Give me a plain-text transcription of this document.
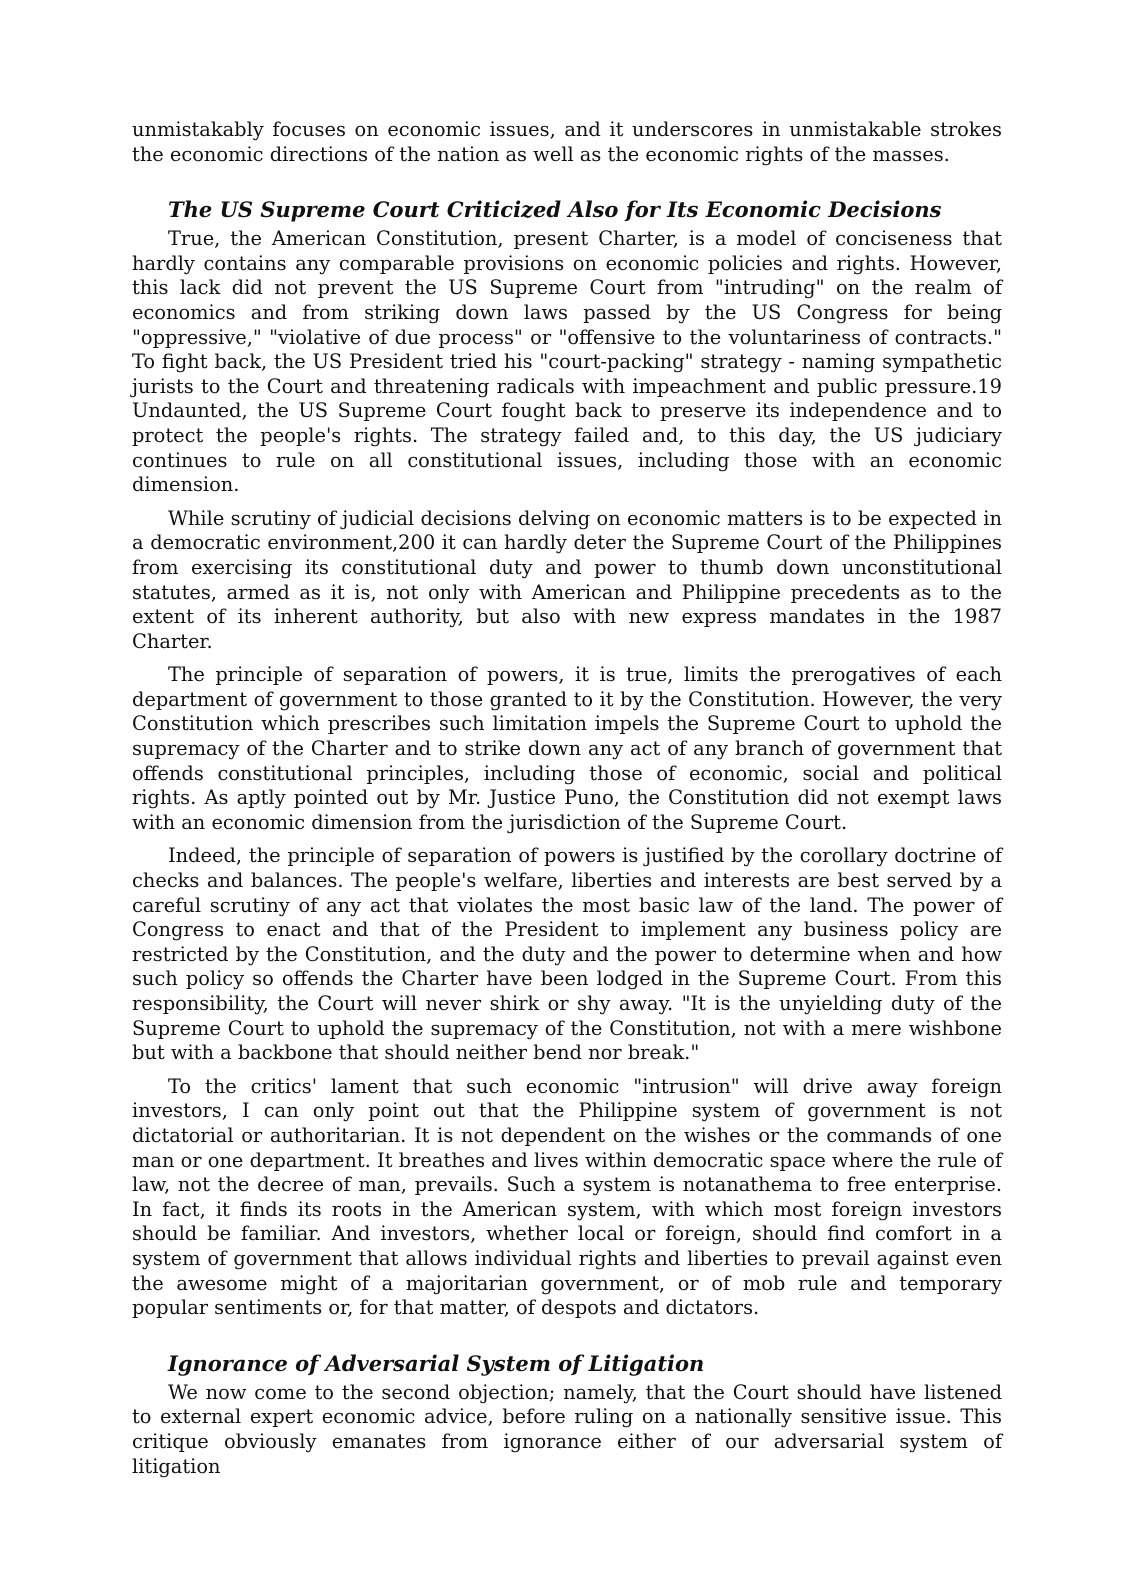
unmistakably focuses on economic issues, and it underscores in unmistakable strokes the economic directions of the nation as well as the economic rights of the masses.

The US Supreme Court Criticized Also for Its Economic Decisions

True, the American Constitution, present Charter, is a model of conciseness that hardly contains any comparable provisions on economic policies and rights. However, this lack did not prevent the US Supreme Court from "intruding" on the realm of economics and from striking down laws passed by the US Congress for being "oppressive," "violative of due process" or "offensive to the voluntariness of contracts." To fight back, the US President tried his "court-packing" strategy - naming sympathetic jurists to the Court and threatening radicals with impeachment and public pressure.19 Undaunted, the US Supreme Court fought back to preserve its independence and to protect the people's rights. The strategy failed and, to this day, the US judiciary continues to rule on all constitutional issues, including those with an economic dimension.

While scrutiny of judicial decisions delving on economic matters is to be expected in a democratic environment,200 it can hardly deter the Supreme Court of the Philippines from exercising its constitutional duty and power to thumb down unconstitutional statutes, armed as it is, not only with American and Philippine precedents as to the extent of its inherent authority, but also with new express mandates in the 1987 Charter.

The principle of separation of powers, it is true, limits the prerogatives of each department of government to those granted to it by the Constitution. However, the very Constitution which prescribes such limitation impels the Supreme Court to uphold the supremacy of the Charter and to strike down any act of any branch of government that offends constitutional principles, including those of economic, social and political rights. As aptly pointed out by Mr. Justice Puno, the Constitution did not exempt laws with an economic dimension from the jurisdiction of the Supreme Court.

Indeed, the principle of separation of powers is justified by the corollary doctrine of checks and balances. The people's welfare, liberties and interests are best served by a careful scrutiny of any act that violates the most basic law of the land. The power of Congress to enact and that of the President to implement any business policy are restricted by the Constitution, and the duty and the power to determine when and how such policy so offends the Charter have been lodged in the Supreme Court. From this responsibility, the Court will never shirk or shy away. "It is the unyielding duty of the Supreme Court to uphold the supremacy of the Constitution, not with a mere wishbone but with a backbone that should neither bend nor break."

To the critics' lament that such economic "intrusion" will drive away foreign investors, I can only point out that the Philippine system of government is not dictatorial or authoritarian. It is not dependent on the wishes or the commands of one man or one department. It breathes and lives within democratic space where the rule of law, not the decree of man, prevails. Such a system is notanathema to free enterprise. In fact, it finds its roots in the American system, with which most foreign investors should be familiar. And investors, whether local or foreign, should find comfort in a system of government that allows individual rights and liberties to prevail against even the awesome might of a majoritarian government, or of mob rule and temporary popular sentiments or, for that matter, of despots and dictators.

Ignorance of Adversarial System of Litigation

We now come to the second objection; namely, that the Court should have listened to external expert economic advice, before ruling on a nationally sensitive issue. This critique obviously emanates from ignorance either of our adversarial system of litigation
